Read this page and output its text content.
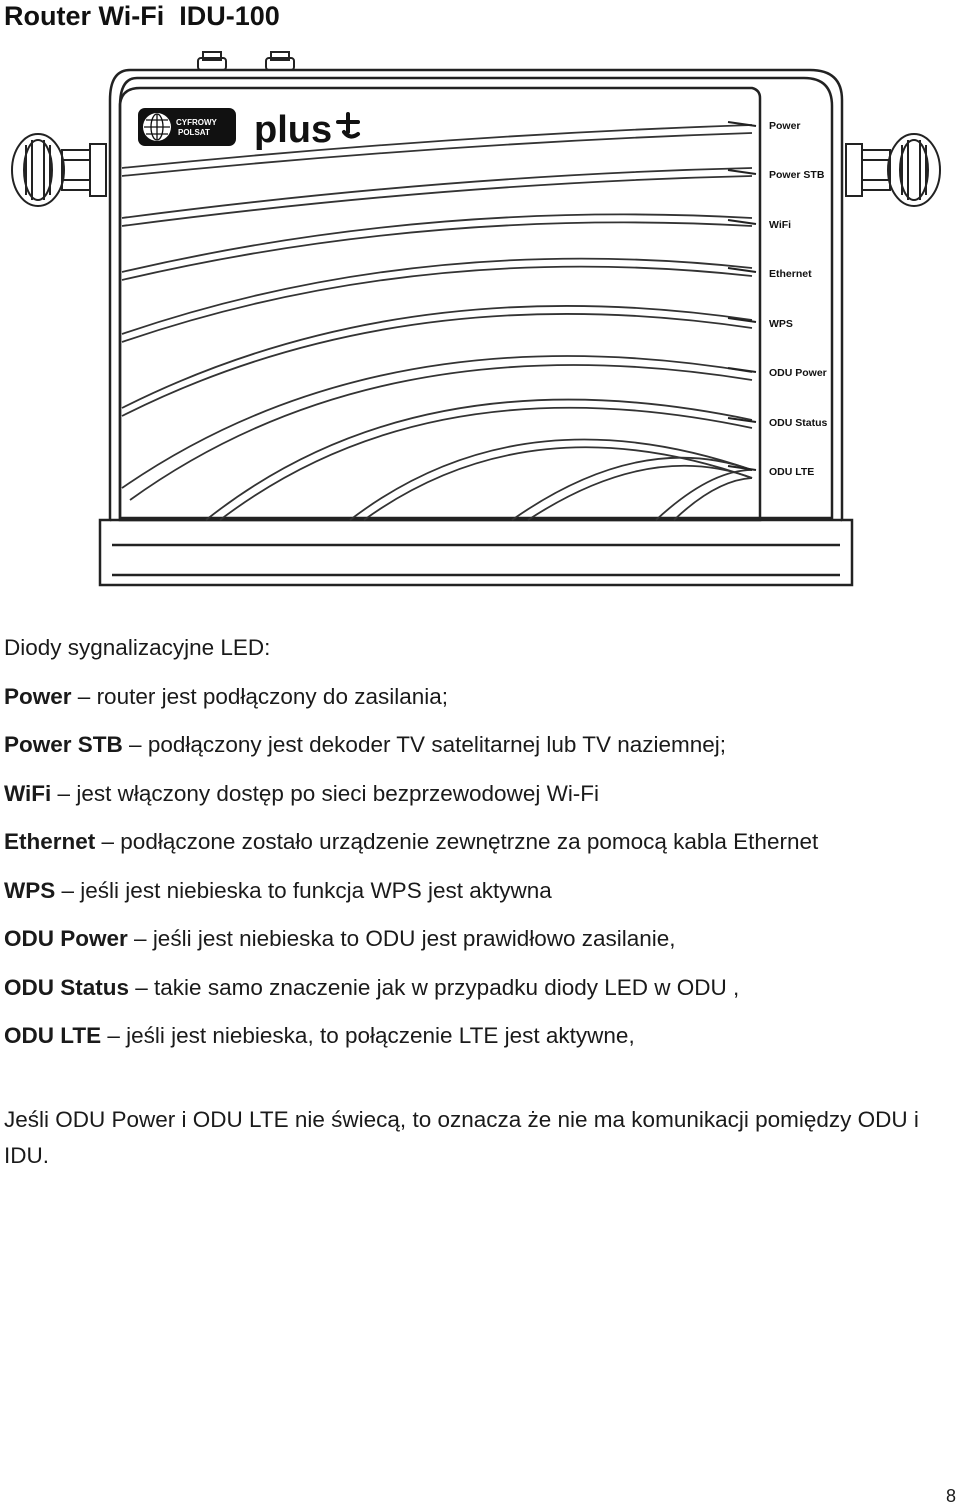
Router Wi-Fi  IDU-100
CYFROWY
POLSAT plus	Power
Power STB
WiFi
Ethernet
WPS
ODU Power
ODU Status
ODU LTE

Diody sygnalizacyjne LED:

Power – router jest podłączony do zasilania;

Power STB – podłączony jest dekoder TV satelitarnej lub TV naziemnej;

WiFi – jest włączony dostęp po sieci bezprzewodowej Wi-Fi

Ethernet – podłączone zostało urządzenie zewnętrzne za pomocą kabla Ethernet

WPS – jeśli jest niebieska to funkcja WPS jest aktywna

ODU Power – jeśli jest niebieska to ODU jest prawidłowo zasilanie,

ODU Status – takie samo znaczenie jak w przypadku diody LED w ODU ,

ODU LTE – jeśli jest niebieska, to połączenie LTE jest aktywne,

Jeśli ODU Power i ODU LTE nie świecą, to oznacza że nie ma komunikacji pomiędzy ODU i IDU.

8
